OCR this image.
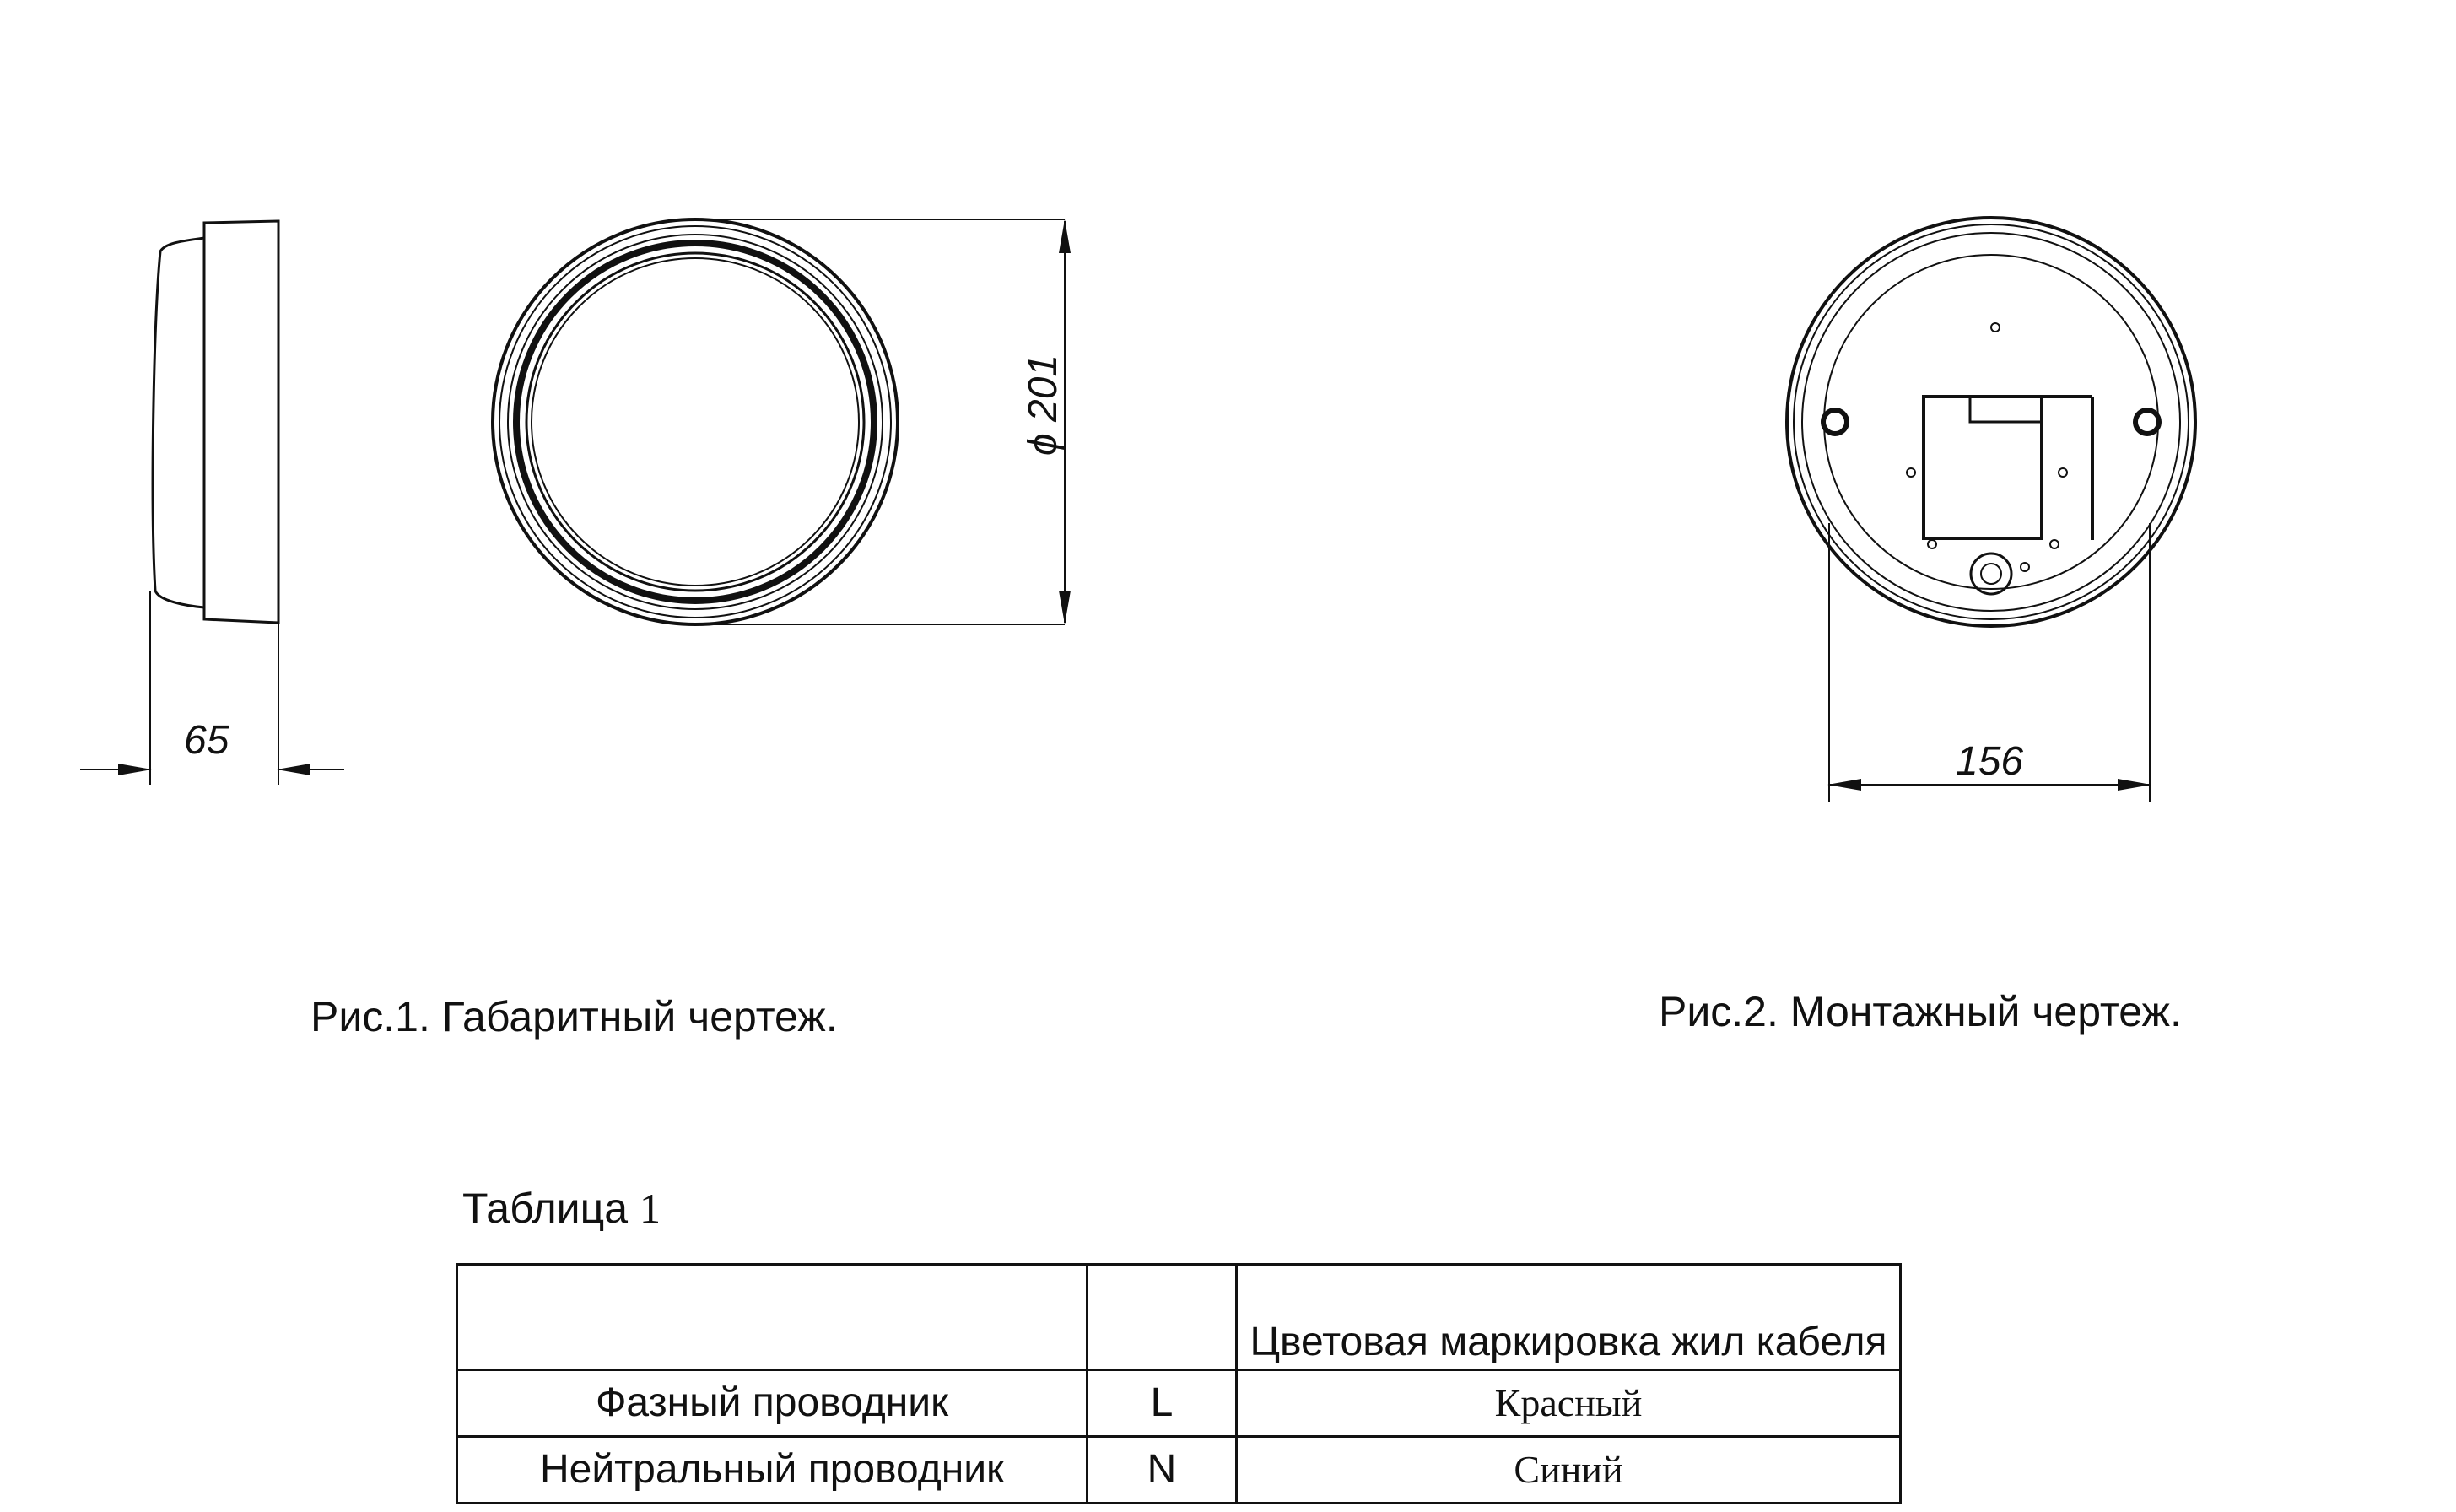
65
ϕ 201
156
Рис.1. Габаритный чертеж.	Рис.2. Монтажный чертеж.
Таблица 1
		Цветовая маркировка жил кабеля
Фазный проводник	L	Красный
Нейтральный проводник	N	Синий
